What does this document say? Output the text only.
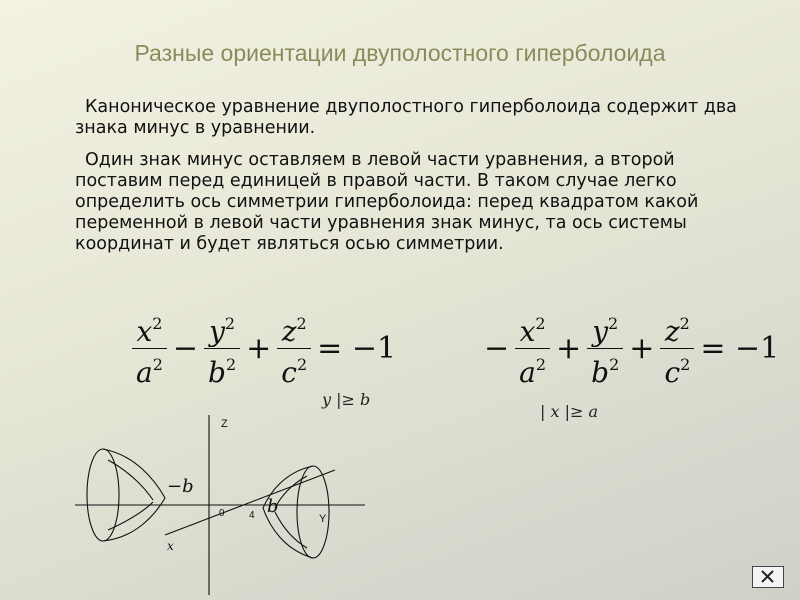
Разные ориентации двуполостного гиперболоида
Каноническое уравнение двуполостного гиперболоида содержит два знака минус в уравнении.
Один знак минус оставляем в левой части уравнения, а второй поставим перед единицей в правой части. В таком случае легко определить ось симметрии гиперболоида: перед квадратом какой переменной в левой части уравнения знак минус, та ось системы координат и будет являться осью симметрии.
$\frac{x^2}{a^2} - \frac{y^2}{b^2} + \frac{z^2}{c^2} = -1$
y |≥ b
− $\frac{x^2}{a^2} + \frac{y^2}{b^2} + \frac{z^2}{c^2} = -1$
| x |≥ a
Z
Y
x
0 4
−b
b
